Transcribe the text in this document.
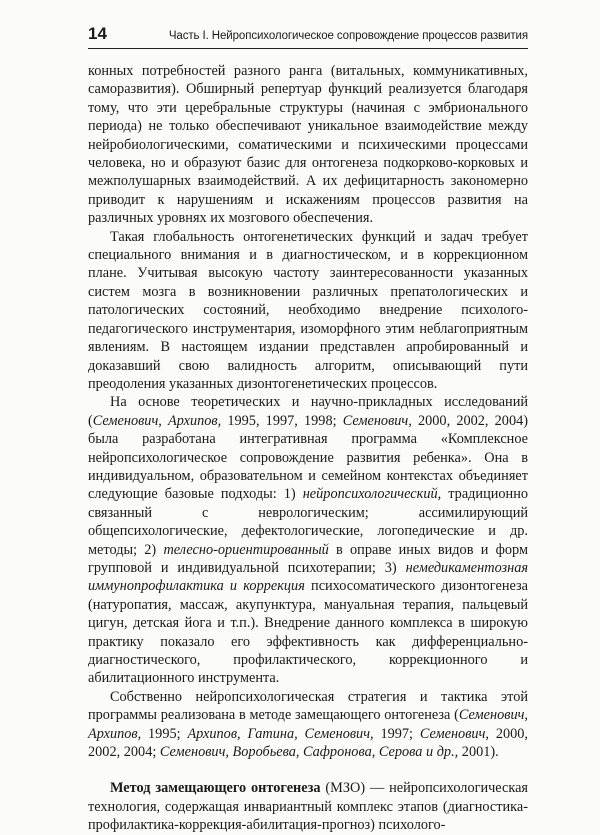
14	Часть I. Нейропсихологическое сопровождение процессов развития

конных потребностей разного ранга (витальных, коммуникативных, саморазвития). Обширный репертуар функций реализуется благодаря тому, что эти церебральные структуры (начиная с эмбрионального периода) не только обеспечивают уникальное взаимодействие между нейробиологическими, соматическими и психическими процессами человека, но и образуют базис для онтогенеза подкорково-корковых и межполушарных взаимодействий. А их дефицитарность закономерно приводит к нарушениям и искажениям процессов развития на различных уровнях их мозгового обеспечения.

Такая глобальность онтогенетических функций и задач требует специального внимания и в диагностическом, и в коррекционном плане. Учитывая высокую частоту заинтересованности указанных систем мозга в возникновении различных препатологических и патологических состояний, необходимо внедрение психолого-педагогического инструментария, изоморфного этим неблагоприятным явлениям. В настоящем издании представлен апробированный и доказавший свою валидность алгоритм, описывающий пути преодоления указанных дизонтогенетических процессов.

На основе теоретических и научно-прикладных исследований (Семенович, Архипов, 1995, 1997, 1998; Семенович, 2000, 2002, 2004) была разработана интегративная программа «Комплексное нейропсихологическое сопровождение развития ребенка». Она в индивидуальном, образовательном и семейном контекстах объединяет следующие базовые подходы: 1) нейропсихологический, традиционно связанный с неврологическим; ассимилирующий общепсихологические, дефектологические, логопедические и др. методы; 2) телесно-ориентированный в оправе иных видов и форм групповой и индивидуальной психотерапии; 3) немедикаментозная иммунопрофилактика и коррекция психосоматического дизонтогенеза (натуропатия, массаж, акупунктура, мануальная терапия, пальцевый цигун, детская йога и т.п.). Внедрение данного комплекса в широкую практику показало его эффективность как дифференциально-диагностического, профилактического, коррекционного и абилитационного инструмента.

Собственно нейропсихологическая стратегия и тактика этой программы реализована в методе замещающего онтогенеза (Семенович, Архипов, 1995; Архипов, Гатина, Семенович, 1997; Семенович, 2000, 2002, 2004; Семенович, Воробьева, Сафронова, Серова и др., 2001).

Метод замещающего онтогенеза (МЗО) — нейропсихологическая технология, содержащая инвариантный комплекс этапов (диагностика-профилактика-коррекция-абилитация-прогноз) психолого-
